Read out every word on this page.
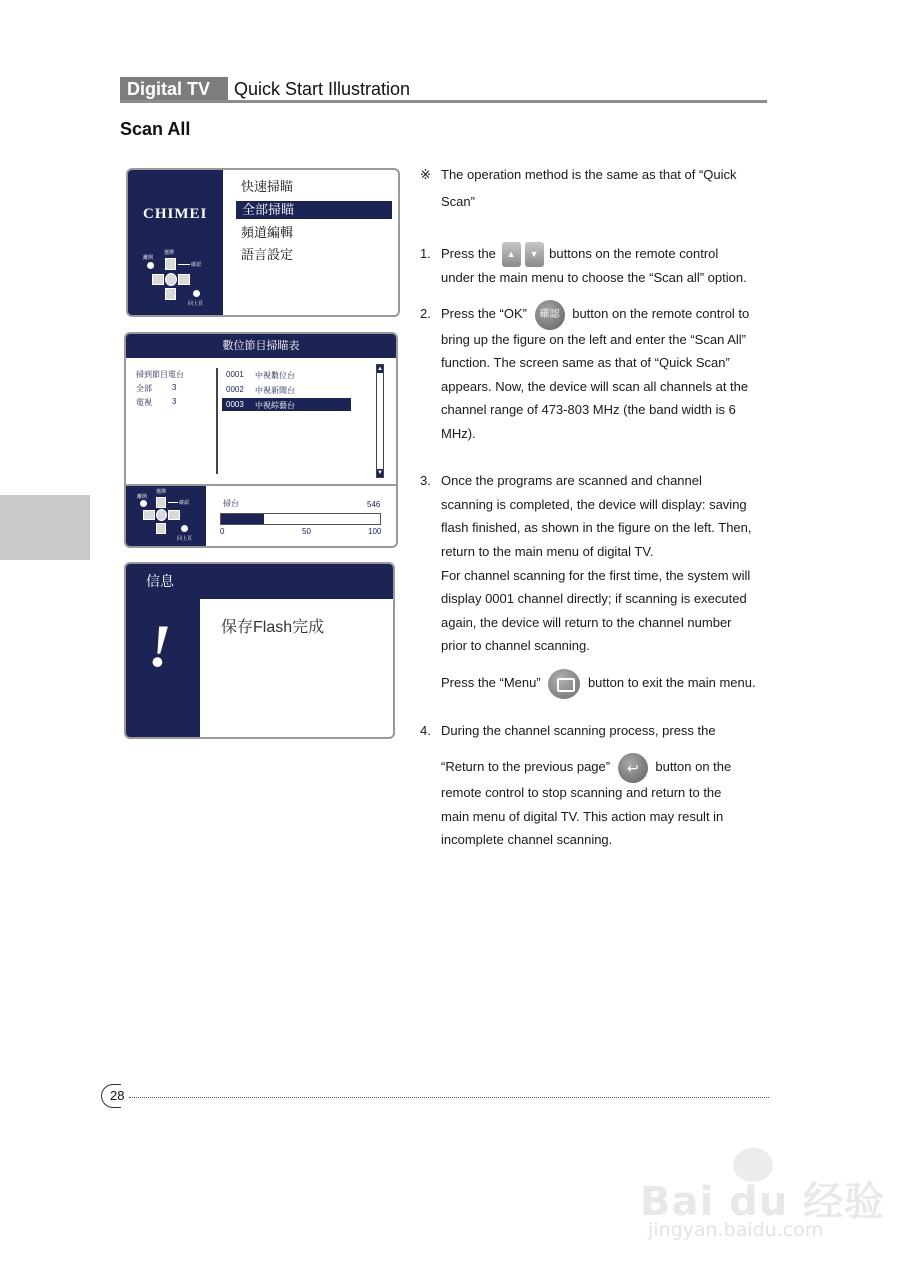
Digital TV	Quick Start Illustration
Scan All
CHIMEI
離開
選擇
確認
回上頁
快速掃瞄
全部掃瞄
頻道編輯
語言設定
數位節目掃瞄表
掃到節目電台
全部	3
電視	3
0001 中視數位台
0002 中視新聞台
0003 中視綜藝台
▲
▼
離開
選擇
確認
回上頁
掃台	546
0	50	100
信息
!	保存Flash完成
※ The operation method is the same as that of “Quick
Scan”
1. Press the ▲ ▼ buttons on the remote control
under the main menu to choose the “Scan all” option.
2. Press the “OK” 確認 button on the remote control to
bring up the figure on the left and enter the “Scan All”
function. The screen same as that of “Quick Scan”
appears. Now, the device will scan all channels at the
channel range of 473-803 MHz (the band width is 6
MHz).
3. Once the programs are scanned and channel
scanning is completed, the device will display: saving
flash finished, as shown in the figure on the left. Then,
return to the main menu of digital TV.
For channel scanning for the first time, the system will
display 0001 channel directly; if scanning is executed
again, the device will return to the channel number
prior to channel scanning.
Press the “Menu”	button to exit the main menu.
4. During the channel scanning process, press the
“Return to the previous page” ↩ button on the
remote control to stop scanning and return to the
main menu of digital TV. This action may result in
incomplete channel scanning.
28
Bai du 经验
jingyan.baidu.com
